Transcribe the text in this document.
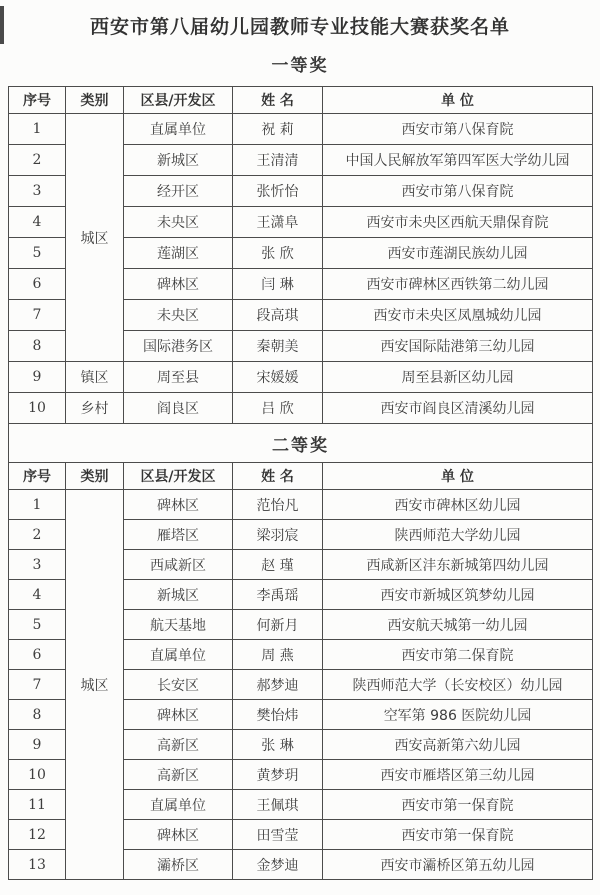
西安市第八届幼儿园教师专业技能大赛获奖名单
一等奖
序号	类别	区县/开发区	姓 名	单 位
1	城区	直属单位	祝 莉	西安市第八保育院
2		新城区	王清清	中国人民解放军第四军医大学幼儿园
3		经开区	张忻怡	西安市第八保育院
4		未央区	王潇阜	西安市未央区西航天鼎保育院
5		莲湖区	张 欣	西安市莲湖民族幼儿园
6		碑林区	闫 琳	西安市碑林区西铁第二幼儿园
7		未央区	段高琪	西安市未央区凤凰城幼儿园
8		国际港务区	秦朝美	西安国际陆港第三幼儿园
9	镇区	周至县	宋媛媛	周至县新区幼儿园
10	乡村	阎良区	吕 欣	西安市阎良区清溪幼儿园
二等奖				
序号	类别	区县/开发区	姓 名	单 位
1	城区	碑林区	范怡凡	西安市碑林区幼儿园
2		雁塔区	梁羽宸	陕西师范大学幼儿园
3		西咸新区	赵 瑾	西咸新区沣东新城第四幼儿园
4		新城区	李禹瑶	西安市新城区筑梦幼儿园
5		航天基地	何新月	西安航天城第一幼儿园
6		直属单位	周 燕	西安市第二保育院
7		长安区	郝梦迪	陕西师范大学（长安校区）幼儿园
8		碑林区	樊怡炜	空军第 986 医院幼儿园
9		高新区	张 琳	西安高新第六幼儿园
10		高新区	黄梦玥	西安市雁塔区第三幼儿园
11		直属单位	王佩琪	西安市第一保育院
12		碑林区	田雪莹	西安市第一保育院
13		灞桥区	金梦迪	西安市灞桥区第五幼儿园
